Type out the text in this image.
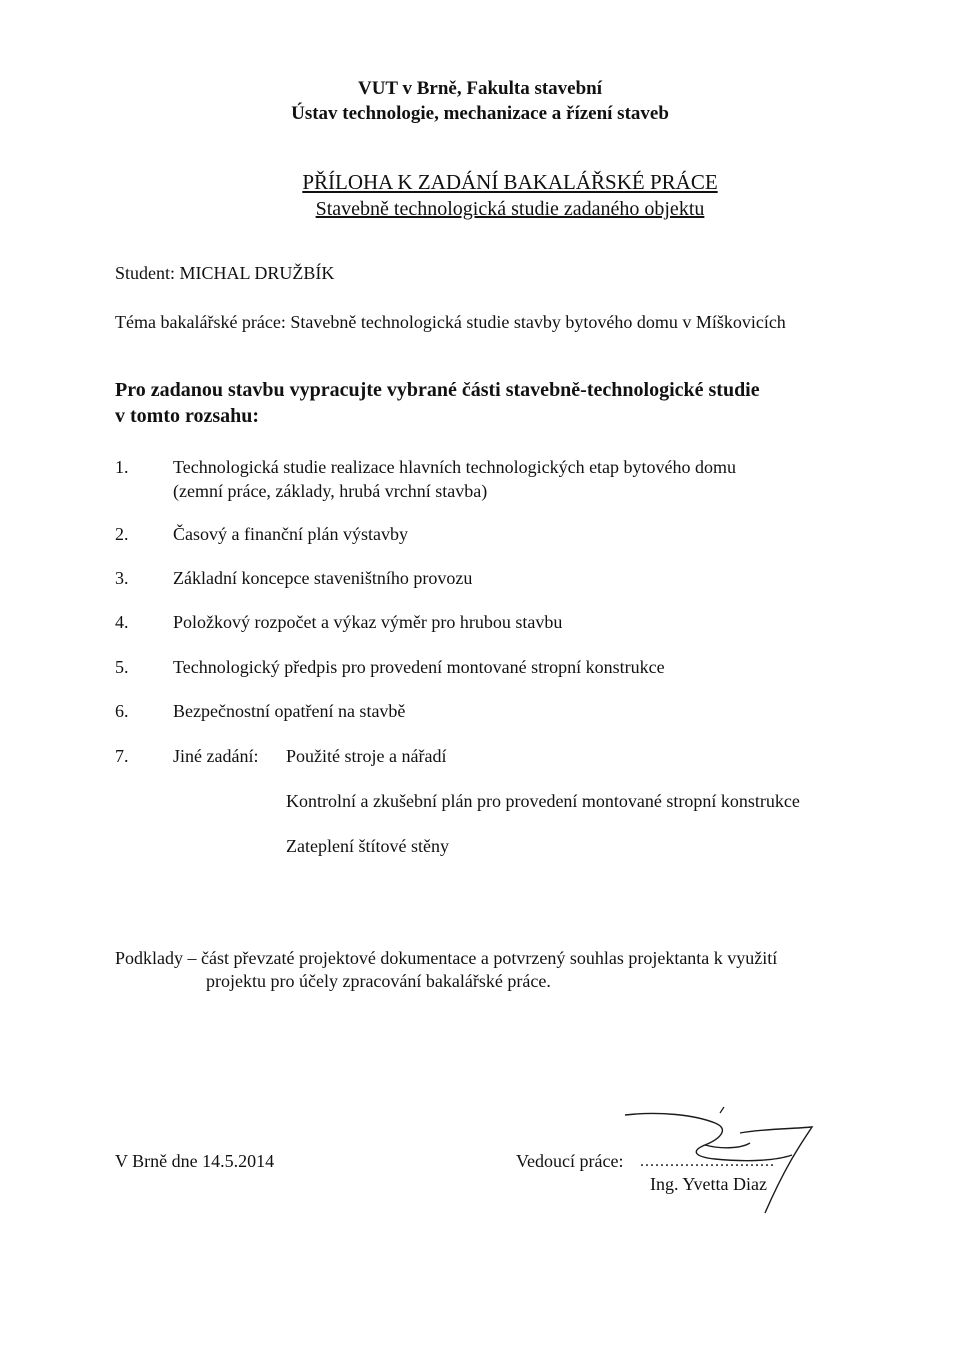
VUT v Brně, Fakulta stavební
Ústav technologie, mechanizace a řízení staveb
PŘÍLOHA K ZADÁNÍ BAKALÁŘSKÉ PRÁCE
Stavebně technologická studie zadaného objektu
Student: MICHAL DRUŽBÍK
Téma bakalářské práce: Stavebně technologická studie stavby bytového domu v Míškovicích
Pro zadanou stavbu vypracujte vybrané části stavebně-technologické studie
v tomto rozsahu:
1. Technologická studie realizace hlavních technologických etap bytového domu
(zemní práce, základy, hrubá vrchní stavba)
2. Časový a finanční plán výstavby
3. Základní koncepce staveništního provozu
4. Položkový rozpočet a výkaz výměr pro hrubou stavbu
5. Technologický předpis pro provedení montované stropní konstrukce
6. Bezpečnostní opatření na stavbě
7. Jiné zadání: Použité stroje a nářadí
Kontrolní a zkušební plán pro provedení montované stropní konstrukce
Zateplení štítové stěny
Podklady – část převzaté projektové dokumentace a potvrzený souhlas projektanta k využití
projektu pro účely zpracování bakalářské práce.
V Brně dne 14.5.2014	Vedoucí práce: ...........................
Ing. Yvetta Diaz
